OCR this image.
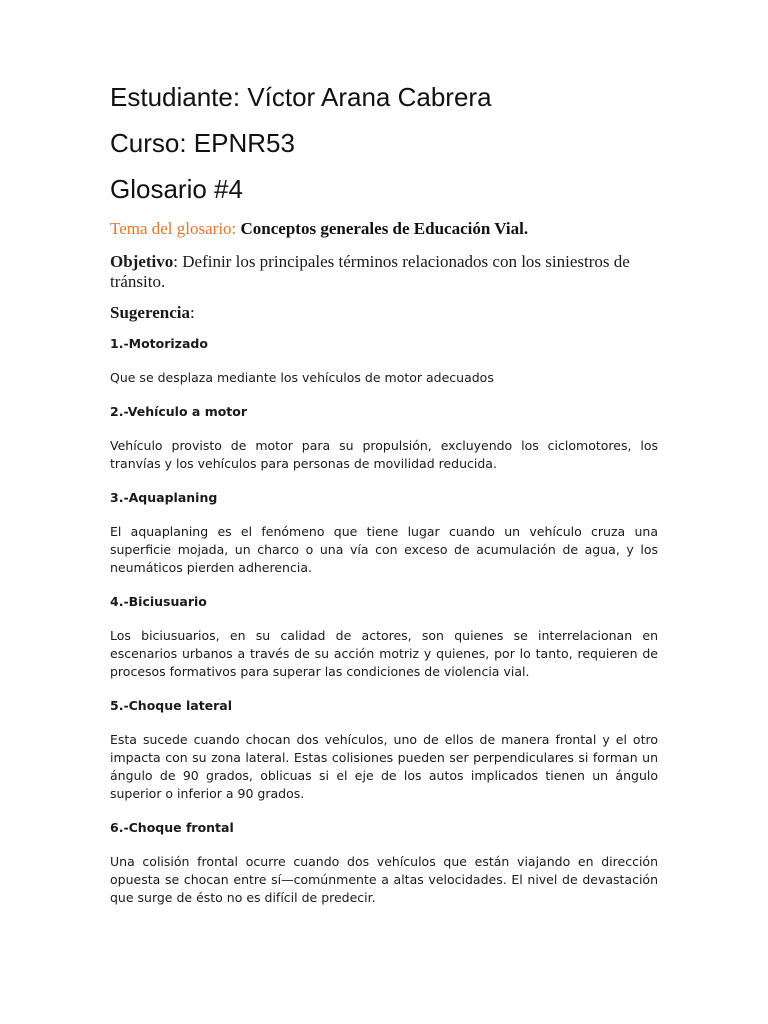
Estudiante: Víctor Arana Cabrera
Curso: EPNR53
Glosario #4

Tema del glosario: Conceptos generales de Educación Vial.

Objetivo: Definir los principales términos relacionados con los siniestros de tránsito.

Sugerencia:

1.-Motorizado

Que se desplaza mediante los vehículos de motor adecuados

2.-Vehículo a motor

Vehículo provisto de motor para su propulsión, excluyendo los ciclomotores, los tranvías y los vehículos para personas de movilidad reducida.

3.-Aquaplaning

El aquaplaning es el fenómeno que tiene lugar cuando un vehículo cruza una superficie mojada, un charco o una vía con exceso de acumulación de agua, y los neumáticos pierden adherencia.

4.-Biciusuario

Los biciusuarios, en su calidad de actores, son quienes se interrelacionan en escenarios urbanos a través de su acción motriz y quienes, por lo tanto, requieren de procesos formativos para superar las condiciones de violencia vial.

5.-Choque lateral

Esta sucede cuando chocan dos vehículos, uno de ellos de manera frontal y el otro impacta con su zona lateral. Estas colisiones pueden ser perpendiculares si forman un ángulo de 90 grados, oblicuas si el eje de los autos implicados tienen un ángulo superior o inferior a 90 grados.

6.-Choque frontal

Una colisión frontal ocurre cuando dos vehículos que están viajando en dirección opuesta se chocan entre sí—comúnmente a altas velocidades. El nivel de devastación que surge de ésto no es difícil de predecir.
